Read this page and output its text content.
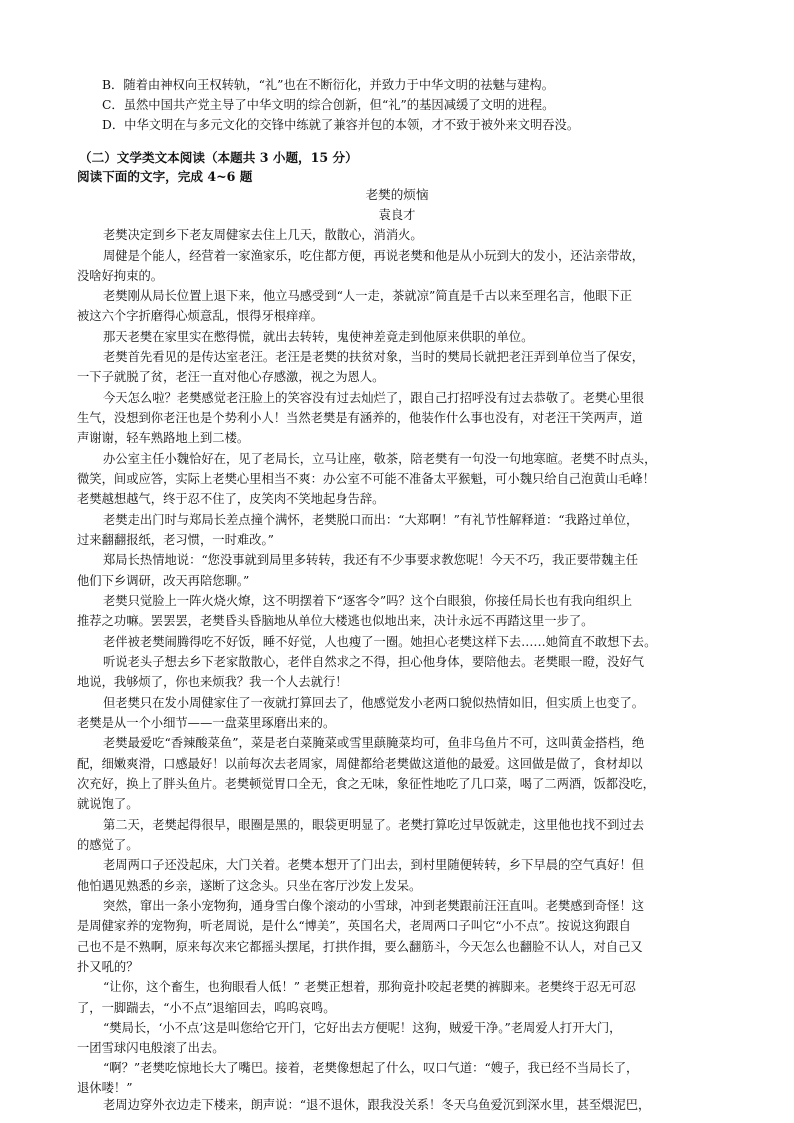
B．随着由神权向王权转轨，“礼”也在不断衍化，并致力于中华文明的祛魅与建构。
C．虽然中国共产党主导了中华文明的综合创新，但“礼”的基因减缓了文明的进程。
D．中华文明在与多元文化的交锋中练就了兼容并包的本领，才不致于被外来文明吞没。
（二）文学类文本阅读（本题共 3 小题，15 分）
阅读下面的文字，完成 4~6 题
老樊的烦恼
袁良才
老樊决定到乡下老友周健家去住上几天，散散心，消消火。
周健是个能人，经营着一家渔家乐，吃住都方便，再说老樊和他是从小玩到大的发小，还沾亲带故，
没啥好拘束的。
老樊刚从局长位置上退下来，他立马感受到“人一走，茶就凉”简直是千古以来至理名言，他眼下正
被这六个字折磨得心烦意乱，恨得牙根痒痒。
那天老樊在家里实在憋得慌，就出去转转，鬼使神差竟走到他原来供职的单位。
老樊首先看见的是传达室老汪。老汪是老樊的扶贫对象，当时的樊局长就把老汪弄到单位当了保安，
一下子就脱了贫，老汪一直对他心存感激，视之为恩人。
今天怎么啦？老樊感觉老汪脸上的笑容没有过去灿烂了，跟自己打招呼没有过去恭敬了。老樊心里很
生气，没想到你老汪也是个势利小人！当然老樊是有涵养的，他装作什么事也没有，对老汪干笑两声，道
声谢谢，轻车熟路地上到二楼。
办公室主任小魏恰好在，见了老局长，立马让座，敬茶，陪老樊有一句没一句地寒暄。老樊不时点头，
微笑，间或应答，实际上老樊心里相当不爽：办公室不可能不准备太平猴魁，可小魏只给自己泡黄山毛峰！
老樊越想越气，终于忍不住了，皮笑肉不笑地起身告辞。
老樊走出门时与郑局长差点撞个满怀，老樊脱口而出：“大郑啊！”有礼节性解释道：“我路过单位，
过来翻翻报纸，老习惯，一时难改。”
郑局长热情地说：“您没事就到局里多转转，我还有不少事要求教您呢！今天不巧，我正要带魏主任
他们下乡调研，改天再陪您聊。”
老樊只觉脸上一阵火烧火燎，这不明摆着下“逐客令”吗？这个白眼狼，你接任局长也有我向组织上
推荐之功嘛。罢罢罢，老樊昏头昏脑地从单位大楼逃也似地出来，决计永远不再踏这里一步了。
老伴被老樊闹腾得吃不好饭，睡不好觉，人也瘦了一圈。她担心老樊这样下去……她简直不敢想下去。
听说老头子想去乡下老家散散心，老伴自然求之不得，担心他身体，要陪他去。老樊眼一瞪，没好气
地说，我够烦了，你也来烦我？我一个人去就行！
但老樊只在发小周健家住了一夜就打算回去了，他感觉发小老两口貌似热情如旧，但实质上也变了。
老樊是从一个小细节——一盘菜里琢磨出来的。
老樊最爱吃“香辣酸菜鱼”，菜是老白菜腌菜或雪里蕻腌菜均可，鱼非乌鱼片不可，这叫黄金搭档，绝
配，细嫩爽滑，口感最好！以前每次去老周家，周健都给老樊做这道他的最爱。这回做是做了，食材却以
次充好，换上了胖头鱼片。老樊顿觉胃口全无，食之无味，象征性地吃了几口菜，喝了二两酒，饭都没吃，
就说饱了。
第二天，老樊起得很早，眼圈是黑的，眼袋更明显了。老樊打算吃过早饭就走，这里他也找不到过去
的感觉了。
老周两口子还没起床，大门关着。老樊本想开了门出去，到村里随便转转，乡下早晨的空气真好！但
他怕遇见熟悉的乡亲，遂断了这念头。只坐在客厅沙发上发呆。
突然，窜出一条小宠物狗，通身雪白像个滚动的小雪球，冲到老樊跟前汪汪直叫。老樊感到奇怪！这
是周健家养的宠物狗，听老周说，是什么“博美”，英国名犬，老周两口子叫它“小不点”。按说这狗跟自
己也不是不熟啊，原来每次来它都摇头摆尾，打拱作揖，要么翻筋斗，今天怎么也翻脸不认人，对自己又
扑又吼的？
“让你，这个畜生，也狗眼看人低！” 老樊正想着，那狗竟扑咬起老樊的裤脚来。老樊终于忍无可忍
了，一脚踹去，“小不点”退缩回去，呜呜哀鸣。
“樊局长，‘小不点’这是叫您给它开门，它好出去方便呢！这狗，贼爱干净。”老周爱人打开大门，
一团雪球闪电般滚了出去。
“啊？”老樊吃惊地长大了嘴巴。接着，老樊像想起了什么，叹口气道：“嫂子，我已经不当局长了，
退休喽！”
老周边穿外衣边走下楼来，朗声说：“退不退休，跟我没关系！冬天乌鱼爱沉到深水里，甚至煨泥巴，
